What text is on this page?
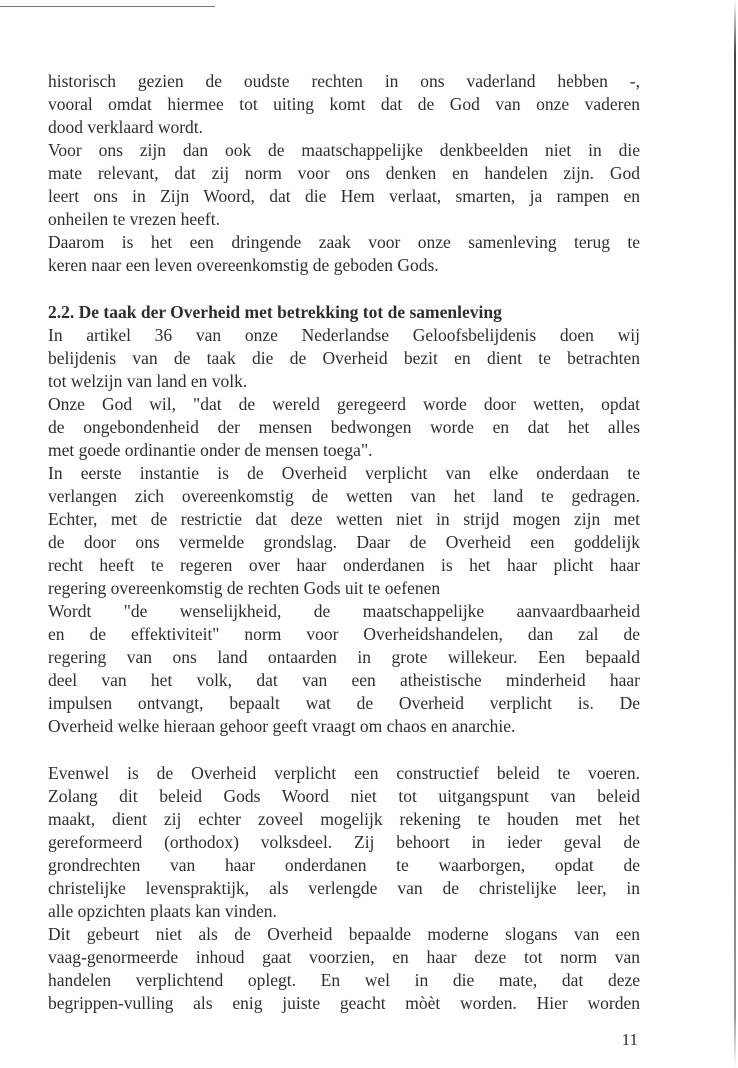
historisch gezien de oudste rechten in ons vaderland hebben -,
vooral omdat hiermee tot uiting komt dat de God van onze vaderen
dood verklaard wordt.
Voor ons zijn dan ook de maatschappelijke denkbeelden niet in die
mate relevant, dat zij norm voor ons denken en handelen zijn. God
leert ons in Zijn Woord, dat die Hem verlaat, smarten, ja rampen en
onheilen te vrezen heeft.
Daarom is het een dringende zaak voor onze samenleving terug te
keren naar een leven overeenkomstig de geboden Gods.
2.2. De taak der Overheid met betrekking tot de samenleving
In artikel 36 van onze Nederlandse Geloofsbelijdenis doen wij
belijdenis van de taak die de Overheid bezit en dient te betrachten
tot welzijn van land en volk.
Onze God wil, "dat de wereld geregeerd worde door wetten, opdat
de ongebondenheid der mensen bedwongen worde en dat het alles
met goede ordinantie onder de mensen toega".
In eerste instantie is de Overheid verplicht van elke onderdaan te
verlangen zich overeenkomstig de wetten van het land te gedragen.
Echter, met de restrictie dat deze wetten niet in strijd mogen zijn met
de door ons vermelde grondslag. Daar de Overheid een goddelijk
recht heeft te regeren over haar onderdanen is het haar plicht haar
regering overeenkomstig de rechten Gods uit te oefenen
Wordt "de wenselijkheid, de maatschappelijke aanvaardbaarheid
en de effektiviteit" norm voor Overheidshandelen, dan zal de
regering van ons land ontaarden in grote willekeur. Een bepaald
deel van het volk, dat van een atheistische minderheid haar
impulsen ontvangt, bepaalt wat de Overheid verplicht is. De
Overheid welke hieraan gehoor geeft vraagt om chaos en anarchie.
Evenwel is de Overheid verplicht een constructief beleid te voeren.
Zolang dit beleid Gods Woord niet tot uitgangspunt van beleid
maakt, dient zij echter zoveel mogelijk rekening te houden met het
gereformeerd (orthodox) volksdeel. Zij behoort in ieder geval de
grondrechten van haar onderdanen te waarborgen, opdat de
christelijke levenspraktijk, als verlengde van de christelijke leer, in
alle opzichten plaats kan vinden.
Dit gebeurt niet als de Overheid bepaalde moderne slogans van een
vaag-genormeerde inhoud gaat voorzien, en haar deze tot norm van
handelen verplichtend oplegt. En wel in die mate, dat deze
begrippen-vulling als enig juiste geacht mòèt worden. Hier worden
11
